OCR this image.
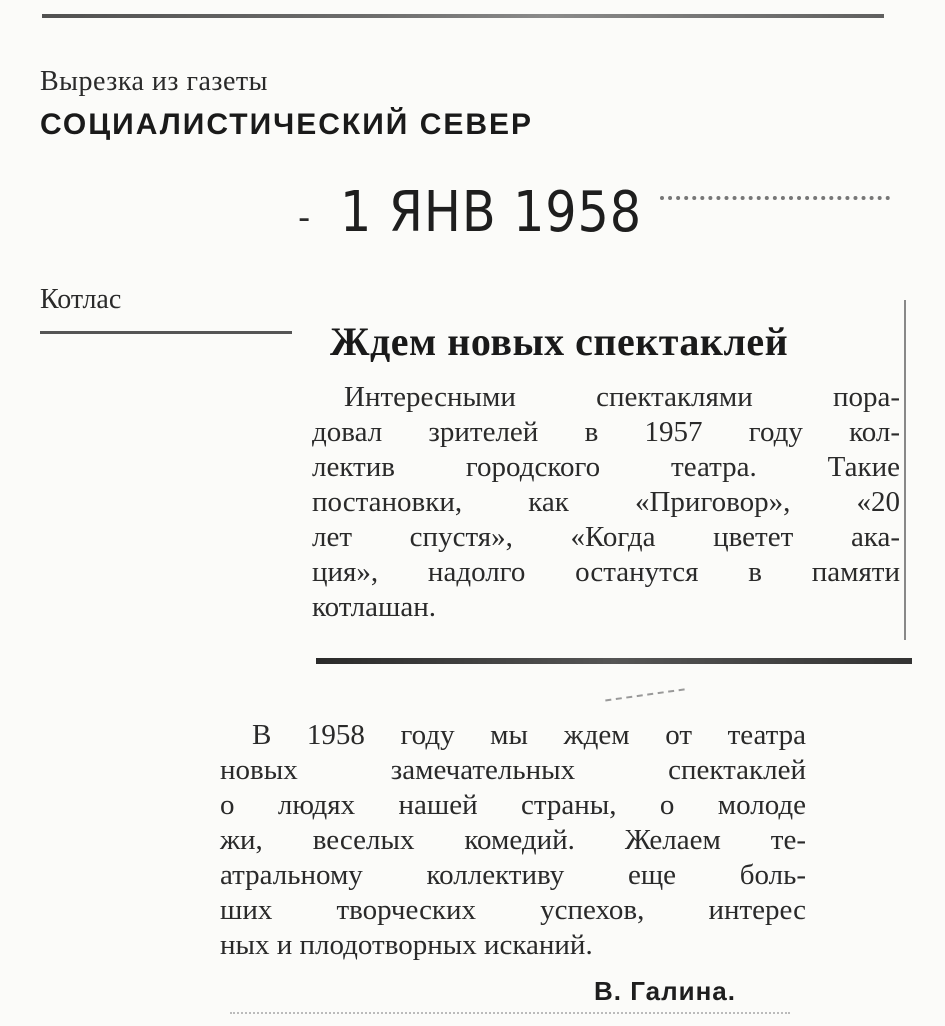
Вырезка из газеты
СОЦИАЛИСТИЧЕСКИЙ СЕВЕР
- 1 ЯНВ 1958
Котлас
Ждем новых спектаклей
Интересными спектаклями пора-
довал зрителей в 1957 году кол-
лектив городского театра. Такие
постановки, как «Приговор», «20
лет спустя», «Когда цветет ака-
ция», надолго останутся в памяти
котлашан.
В 1958 году мы ждем от театра
новых замечательных спектаклей
о людях нашей страны, о молоде
жи, веселых комедий. Желаем те-
атральному коллективу еще боль-
ших творческих успехов, интерес
ных и плодотворных исканий.
В. Галина.
